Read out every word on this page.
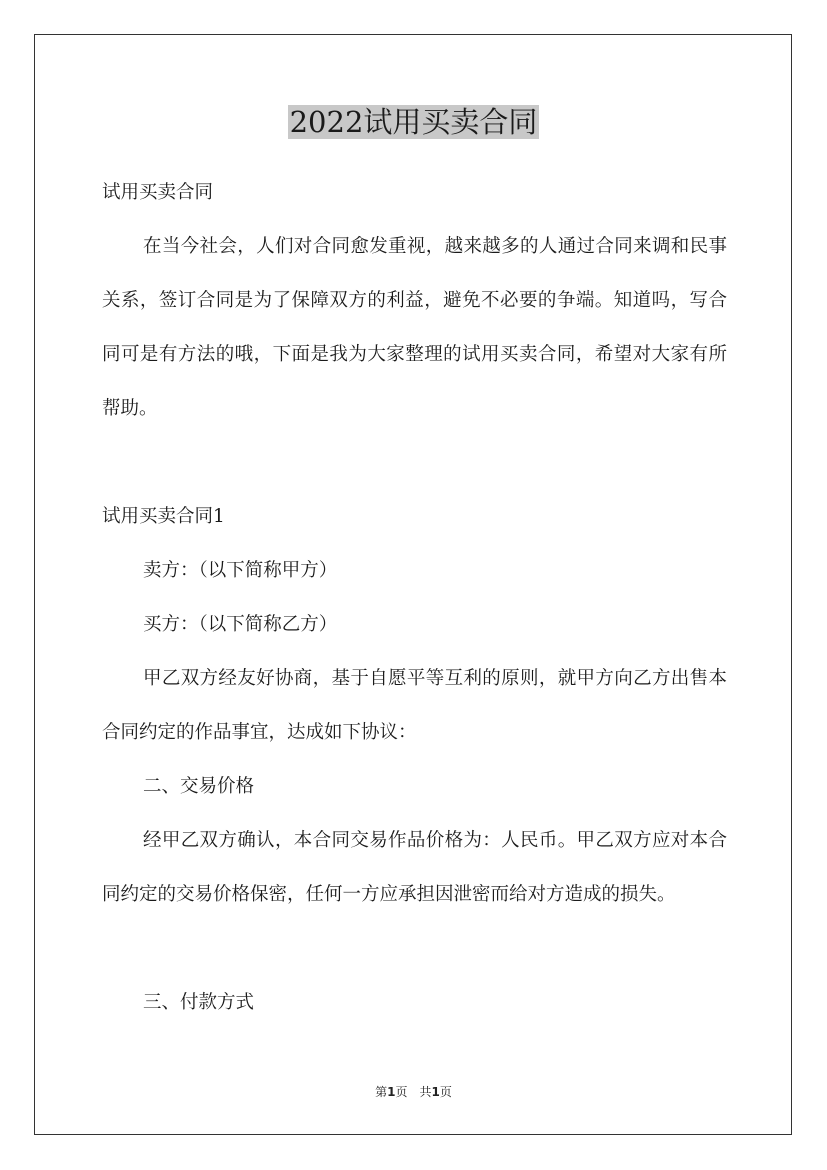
2022试用买卖合同

试用买卖合同

在当今社会，人们对合同愈发重视，越来越多的人通过合同来调和民事关系，签订合同是为了保障双方的利益，避免不必要的争端。知道吗，写合同可是有方法的哦，下面是我为大家整理的试用买卖合同，希望对大家有所帮助。

试用买卖合同1

卖方：（以下简称甲方）

买方：（以下简称乙方）

甲乙双方经友好协商，基于自愿平等互利的原则，就甲方向乙方出售本合同约定的作品事宜，达成如下协议：

二、交易价格

经甲乙双方确认，本合同交易作品价格为：人民币。甲乙双方应对本合同约定的交易价格保密，任何一方应承担因泄密而给对方造成的损失。

三、付款方式

第1页　共1页
